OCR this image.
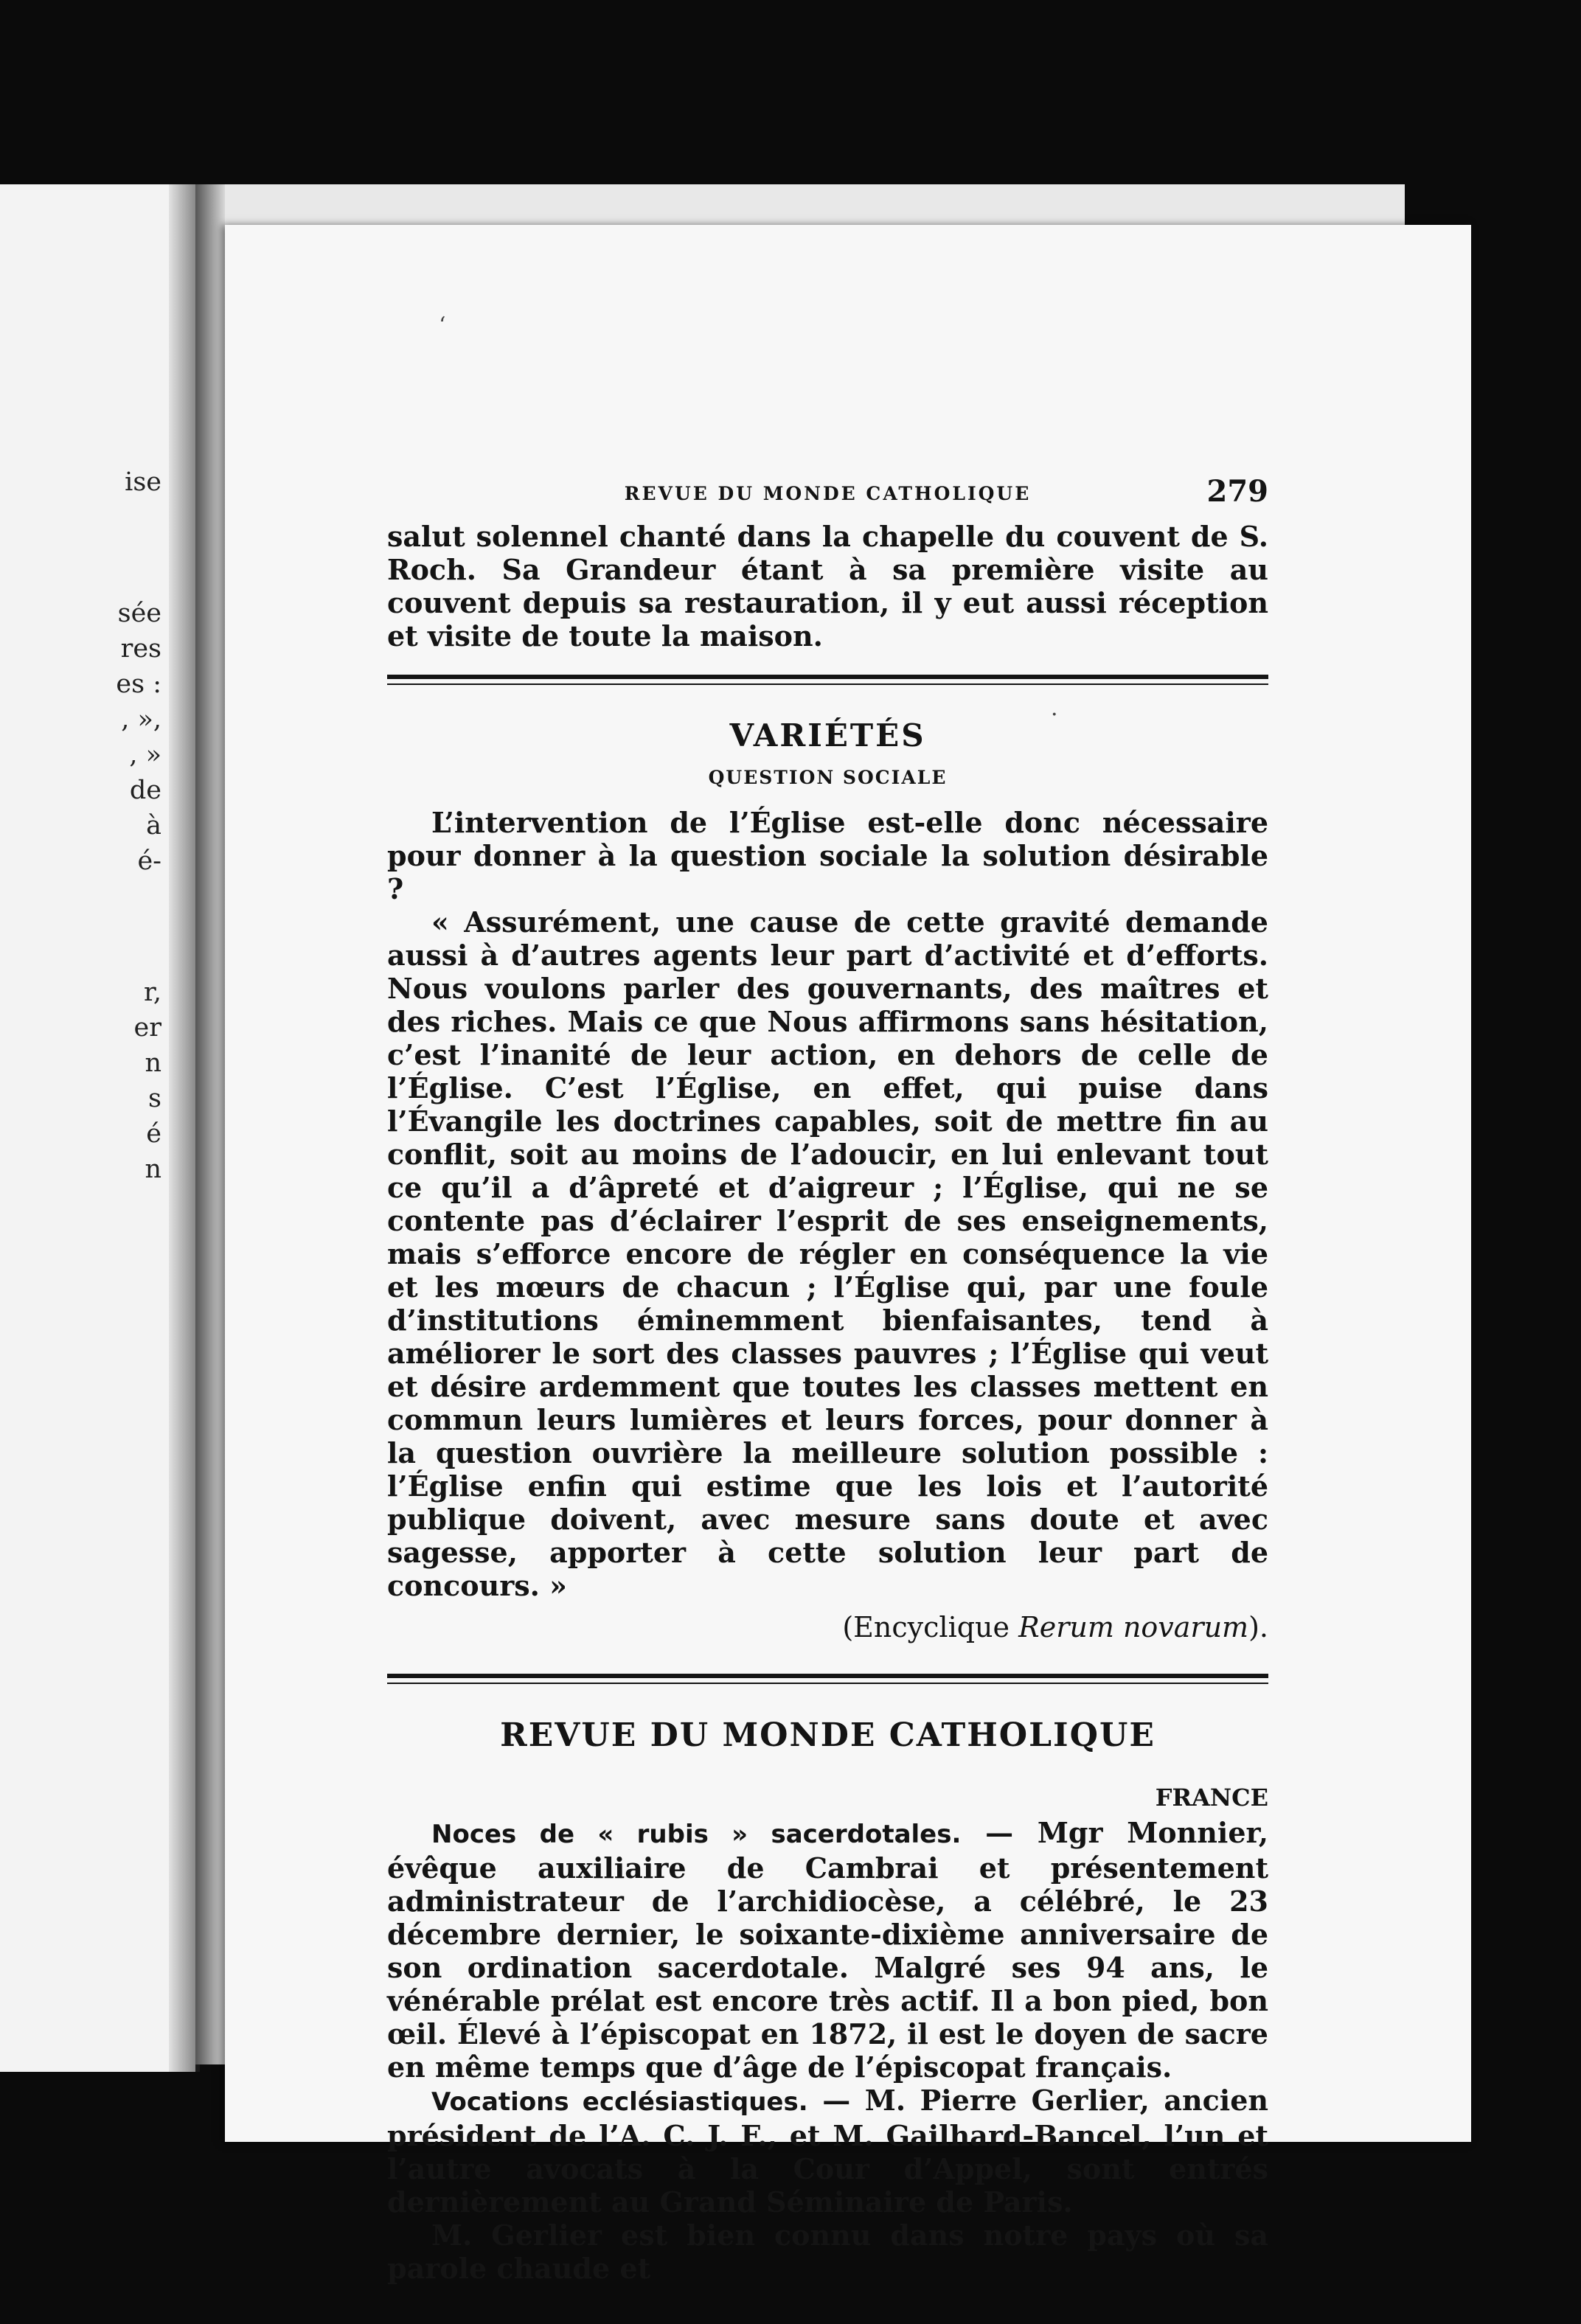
ise
sée
res
es :
, »,
, »
de
à
é-
r,
er
n
s
é
n
ʻ
·
REVUE DU MONDE CATHOLIQUE	279

salut solennel chanté dans la chapelle du couvent de S. Roch. Sa Grandeur étant à sa première visite au couvent depuis sa restauration, il y eut aussi réception et visite de toute la maison.

VARIÉTÉS
QUESTION SOCIALE

L’intervention de l’Église est-elle donc nécessaire pour donner à la question sociale la solution désirable ?

« Assurément, une cause de cette gravité demande aussi à d’autres agents leur part d’activité et d’efforts. Nous voulons parler des gouvernants, des maîtres et des riches. Mais ce que Nous affirmons sans hésitation, c’est l’inanité de leur action, en dehors de celle de l’Église. C’est l’Église, en effet, qui puise dans l’Évangile les doctrines capables, soit de mettre fin au conflit, soit au moins de l’adoucir, en lui enlevant tout ce qu’il a d’âpreté et d’aigreur ; l’Église, qui ne se contente pas d’éclairer l’esprit de ses enseignements, mais s’efforce encore de régler en conséquence la vie et les mœurs de chacun ; l’Église qui, par une foule d’institutions éminemment bienfaisantes, tend à améliorer le sort des classes pauvres ; l’Église qui veut et désire ardemment que toutes les classes mettent en commun leurs lumières et leurs forces, pour donner à la question ouvrière la meilleure solution possible : l’Église enfin qui estime que les lois et l’autorité publique doivent, avec mesure sans doute et avec sagesse, apporter à cette solution leur part de concours. »

(Encyclique Rerum novarum).
REVUE DU MONDE CATHOLIQUE
FRANCE

Noces de « rubis » sacerdotales. — Mgr Monnier, évêque auxiliaire de Cambrai et présentement administrateur de l’archidiocèse, a célébré, le 23 décembre dernier, le soixante-dixième anniversaire de son ordination sacerdotale. Malgré ses 94 ans, le vénérable prélat est encore très actif. Il a bon pied, bon œil. Élevé à l’épiscopat en 1872, il est le doyen de sacre en même temps que d’âge de l’épiscopat français.

Vocations ecclésiastiques. — M. Pierre Gerlier, ancien président de l’A. C. J. F., et M. Gailhard-Bancel, l’un et l’autre avocats à la Cour d’Appel, sont entrés dernièrement au Grand Séminaire de Paris.

M. Gerlier est bien connu dans notre pays où sa parole chaude et
